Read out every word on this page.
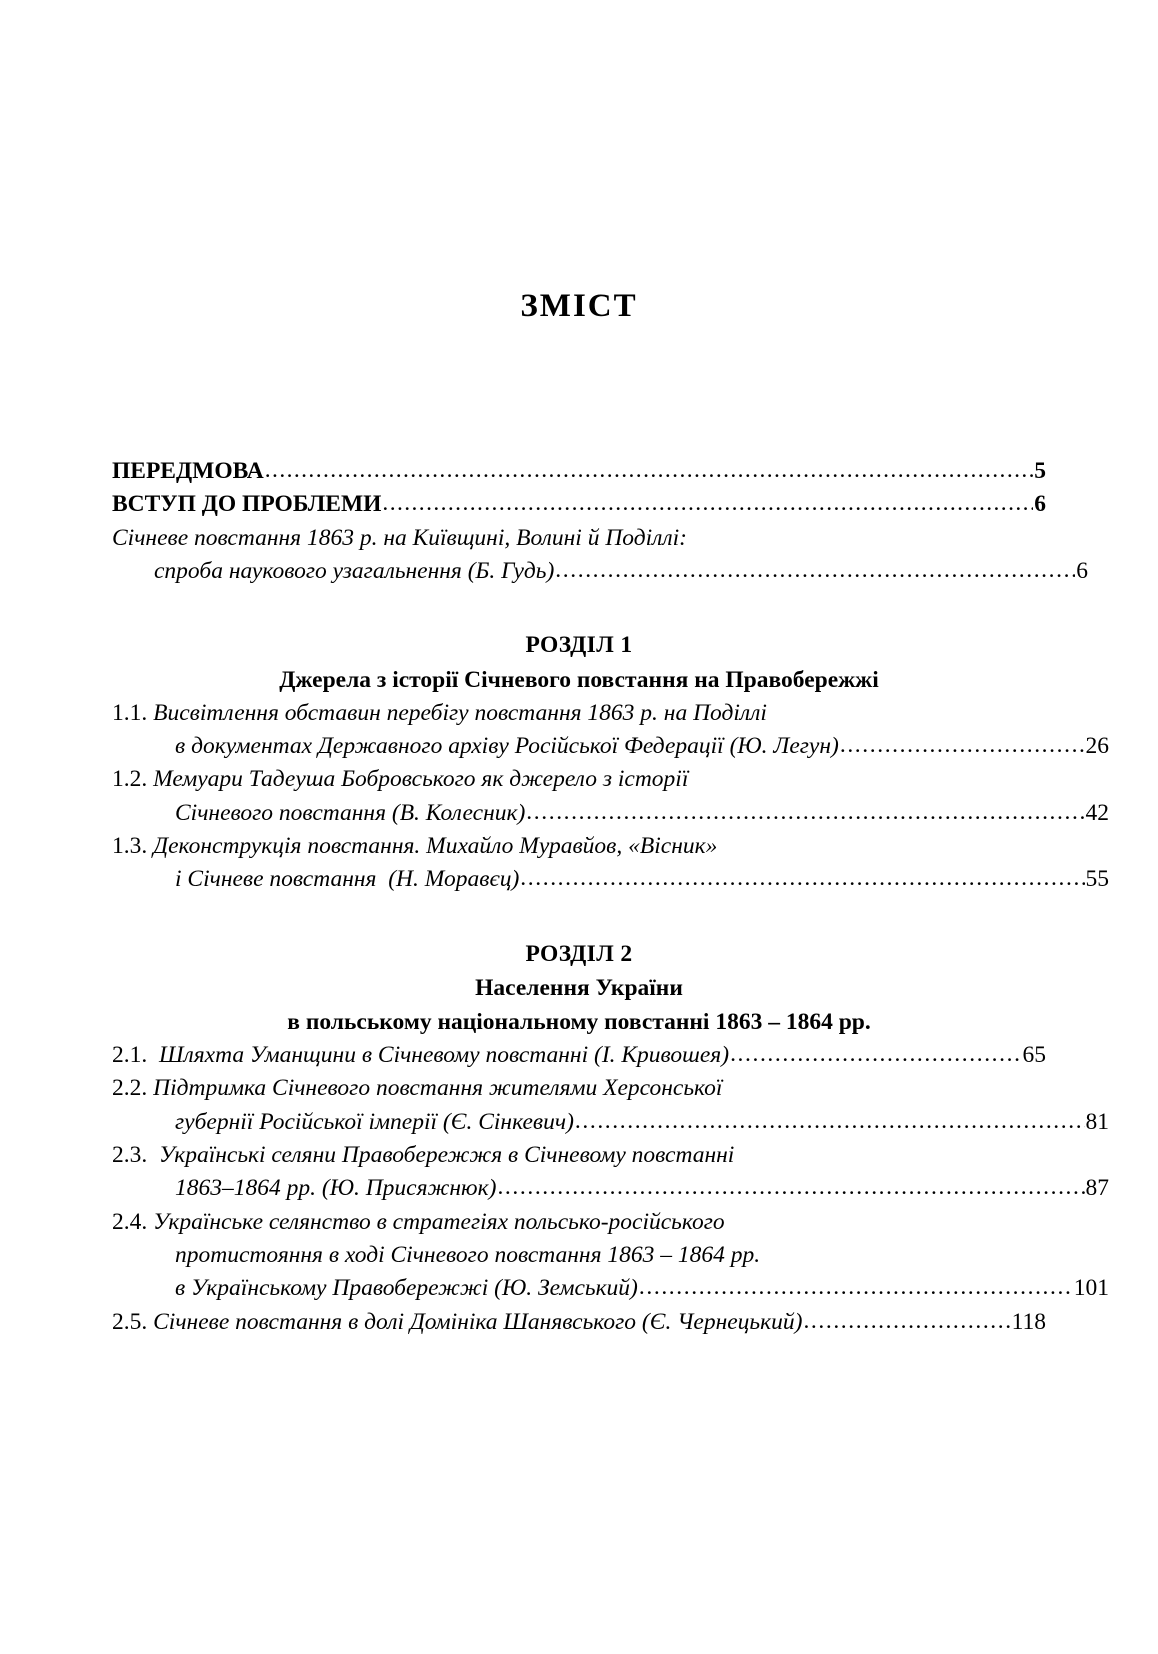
ЗМІСТ
ПЕРЕДМОВА .....	5
ВСТУП ДО ПРОБЛЕМИ .....	6
Січневе повстання 1863 р. на Київщині, Волині й Поділлі:
спроба наукового узагальнення (Б. Гудь) .....	6
РОЗДІЛ 1
Джерела з історії Січневого повстання на Правобережжі
1.1.
Висвітлення обставин перебігу повстання 1863 р. на Поділлі
в документах Державного архіву Російської Федерації (Ю. Легун) .....	26
1.2.
Мемуари Тадеуша Бобровського як джерело з історії
Січневого повстання (В. Колесник) .....	42
1.3.
Деконструкція повстання. Михайло Муравйов, «Вісник»
і Січневе повстання  (Н. Моравєц) .....	55
РОЗДІЛ 2
Населення України
в польському національному повстанні 1863 – 1864 рр.
2.1.
Шляхта Уманщини в Січневому повстанні (І. Кривошея) .....	65
2.2.
Підтримка Січневого повстання жителями Херсонської
губернії Російської імперії (Є. Сінкевич) .....	81
2.3.
Українські селяни Правобережжя в Січневому повстанні
1863–1864 рр. (Ю. Присяжнюк) .....	87
2.4.
Українське селянство в стратегіях польсько-російського
протистояння в ході Січневого повстання 1863 – 1864 рр.
в Українському Правобережжі (Ю. Земський) .....	101
2.5.
Січневе повстання в долі Домініка Шанявського (Є. Чернецький) .....	118
